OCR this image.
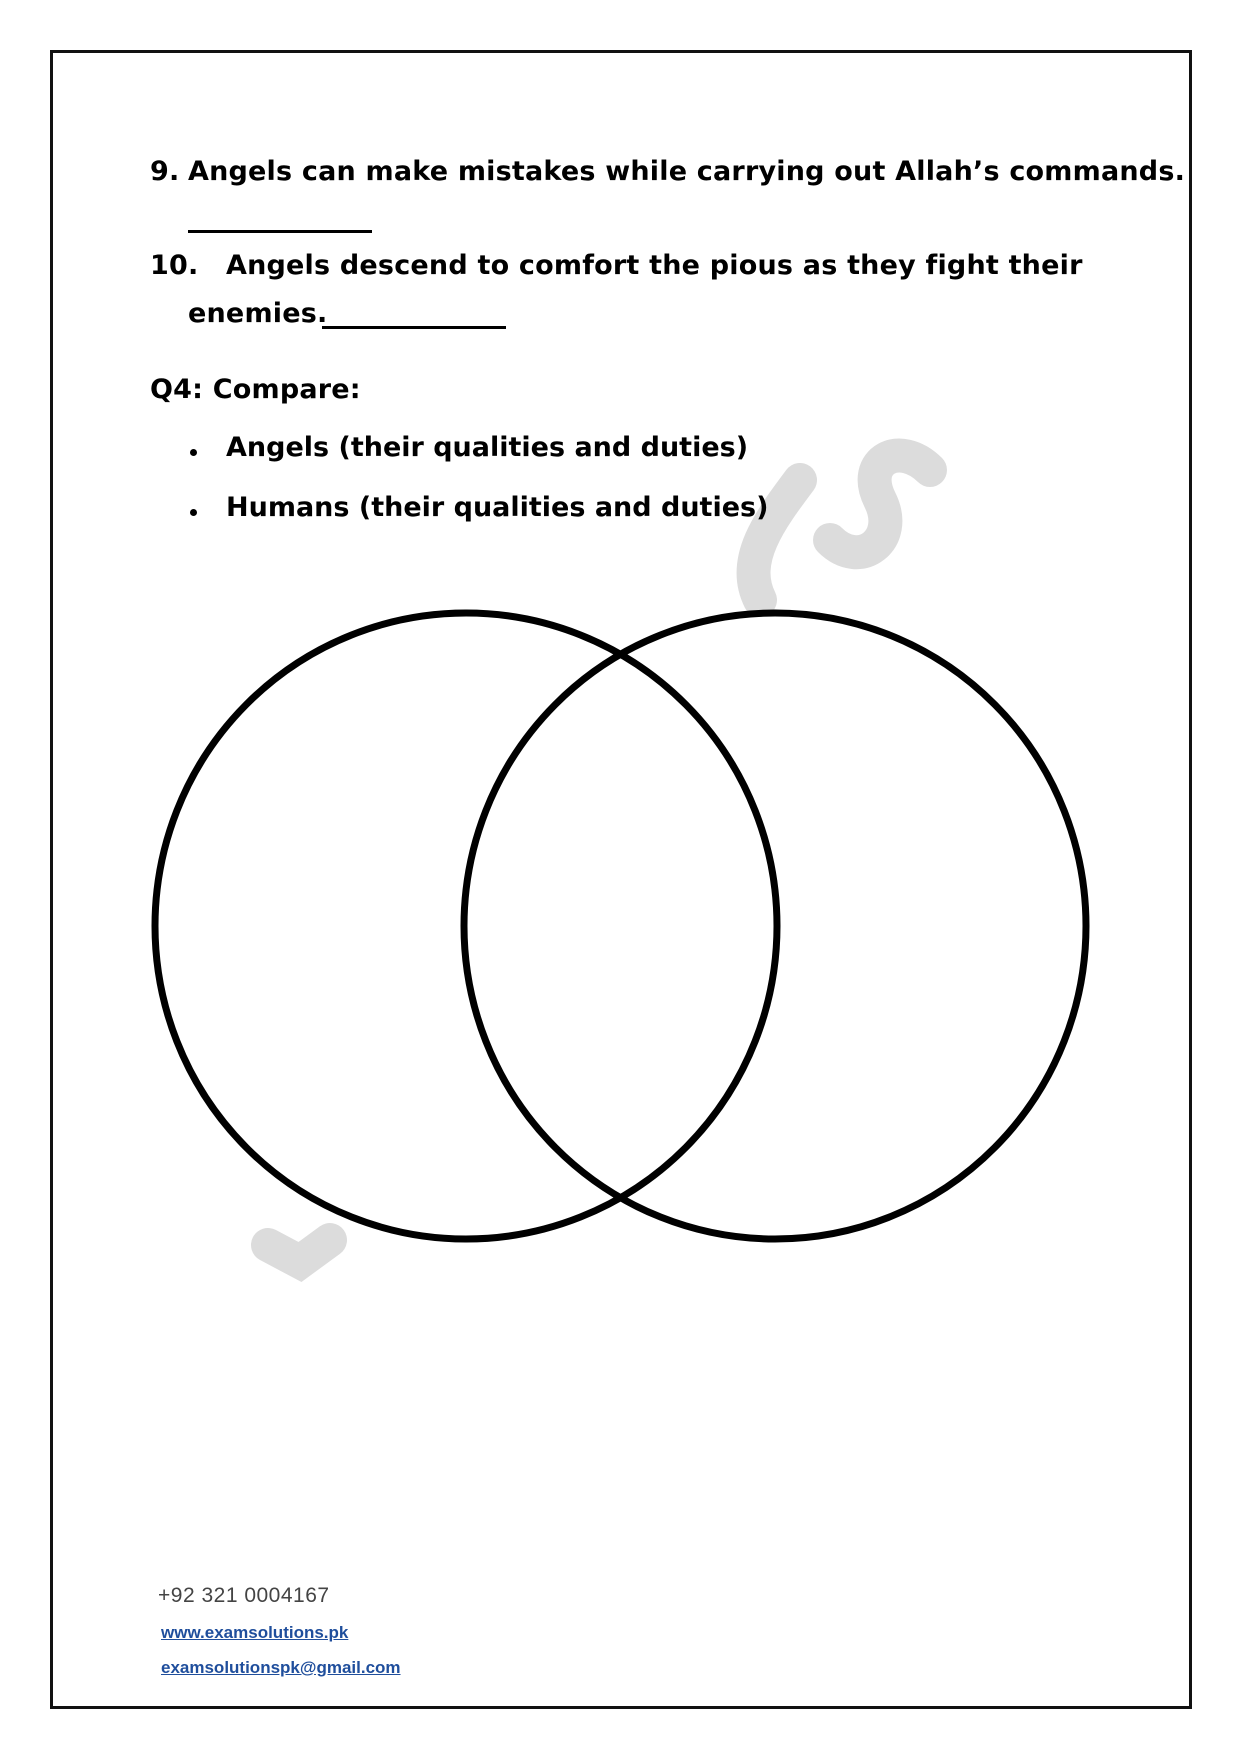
9. Angels can make mistakes while carrying out Allah’s commands.
10. Angels descend to comfort the pious as they fight their
enemies.
Q4: Compare:
Angels (their qualities and duties)
Humans (their qualities and duties)
+92 321 0004167
www.examsolutions.pk
examsolutionspk@gmail.com
